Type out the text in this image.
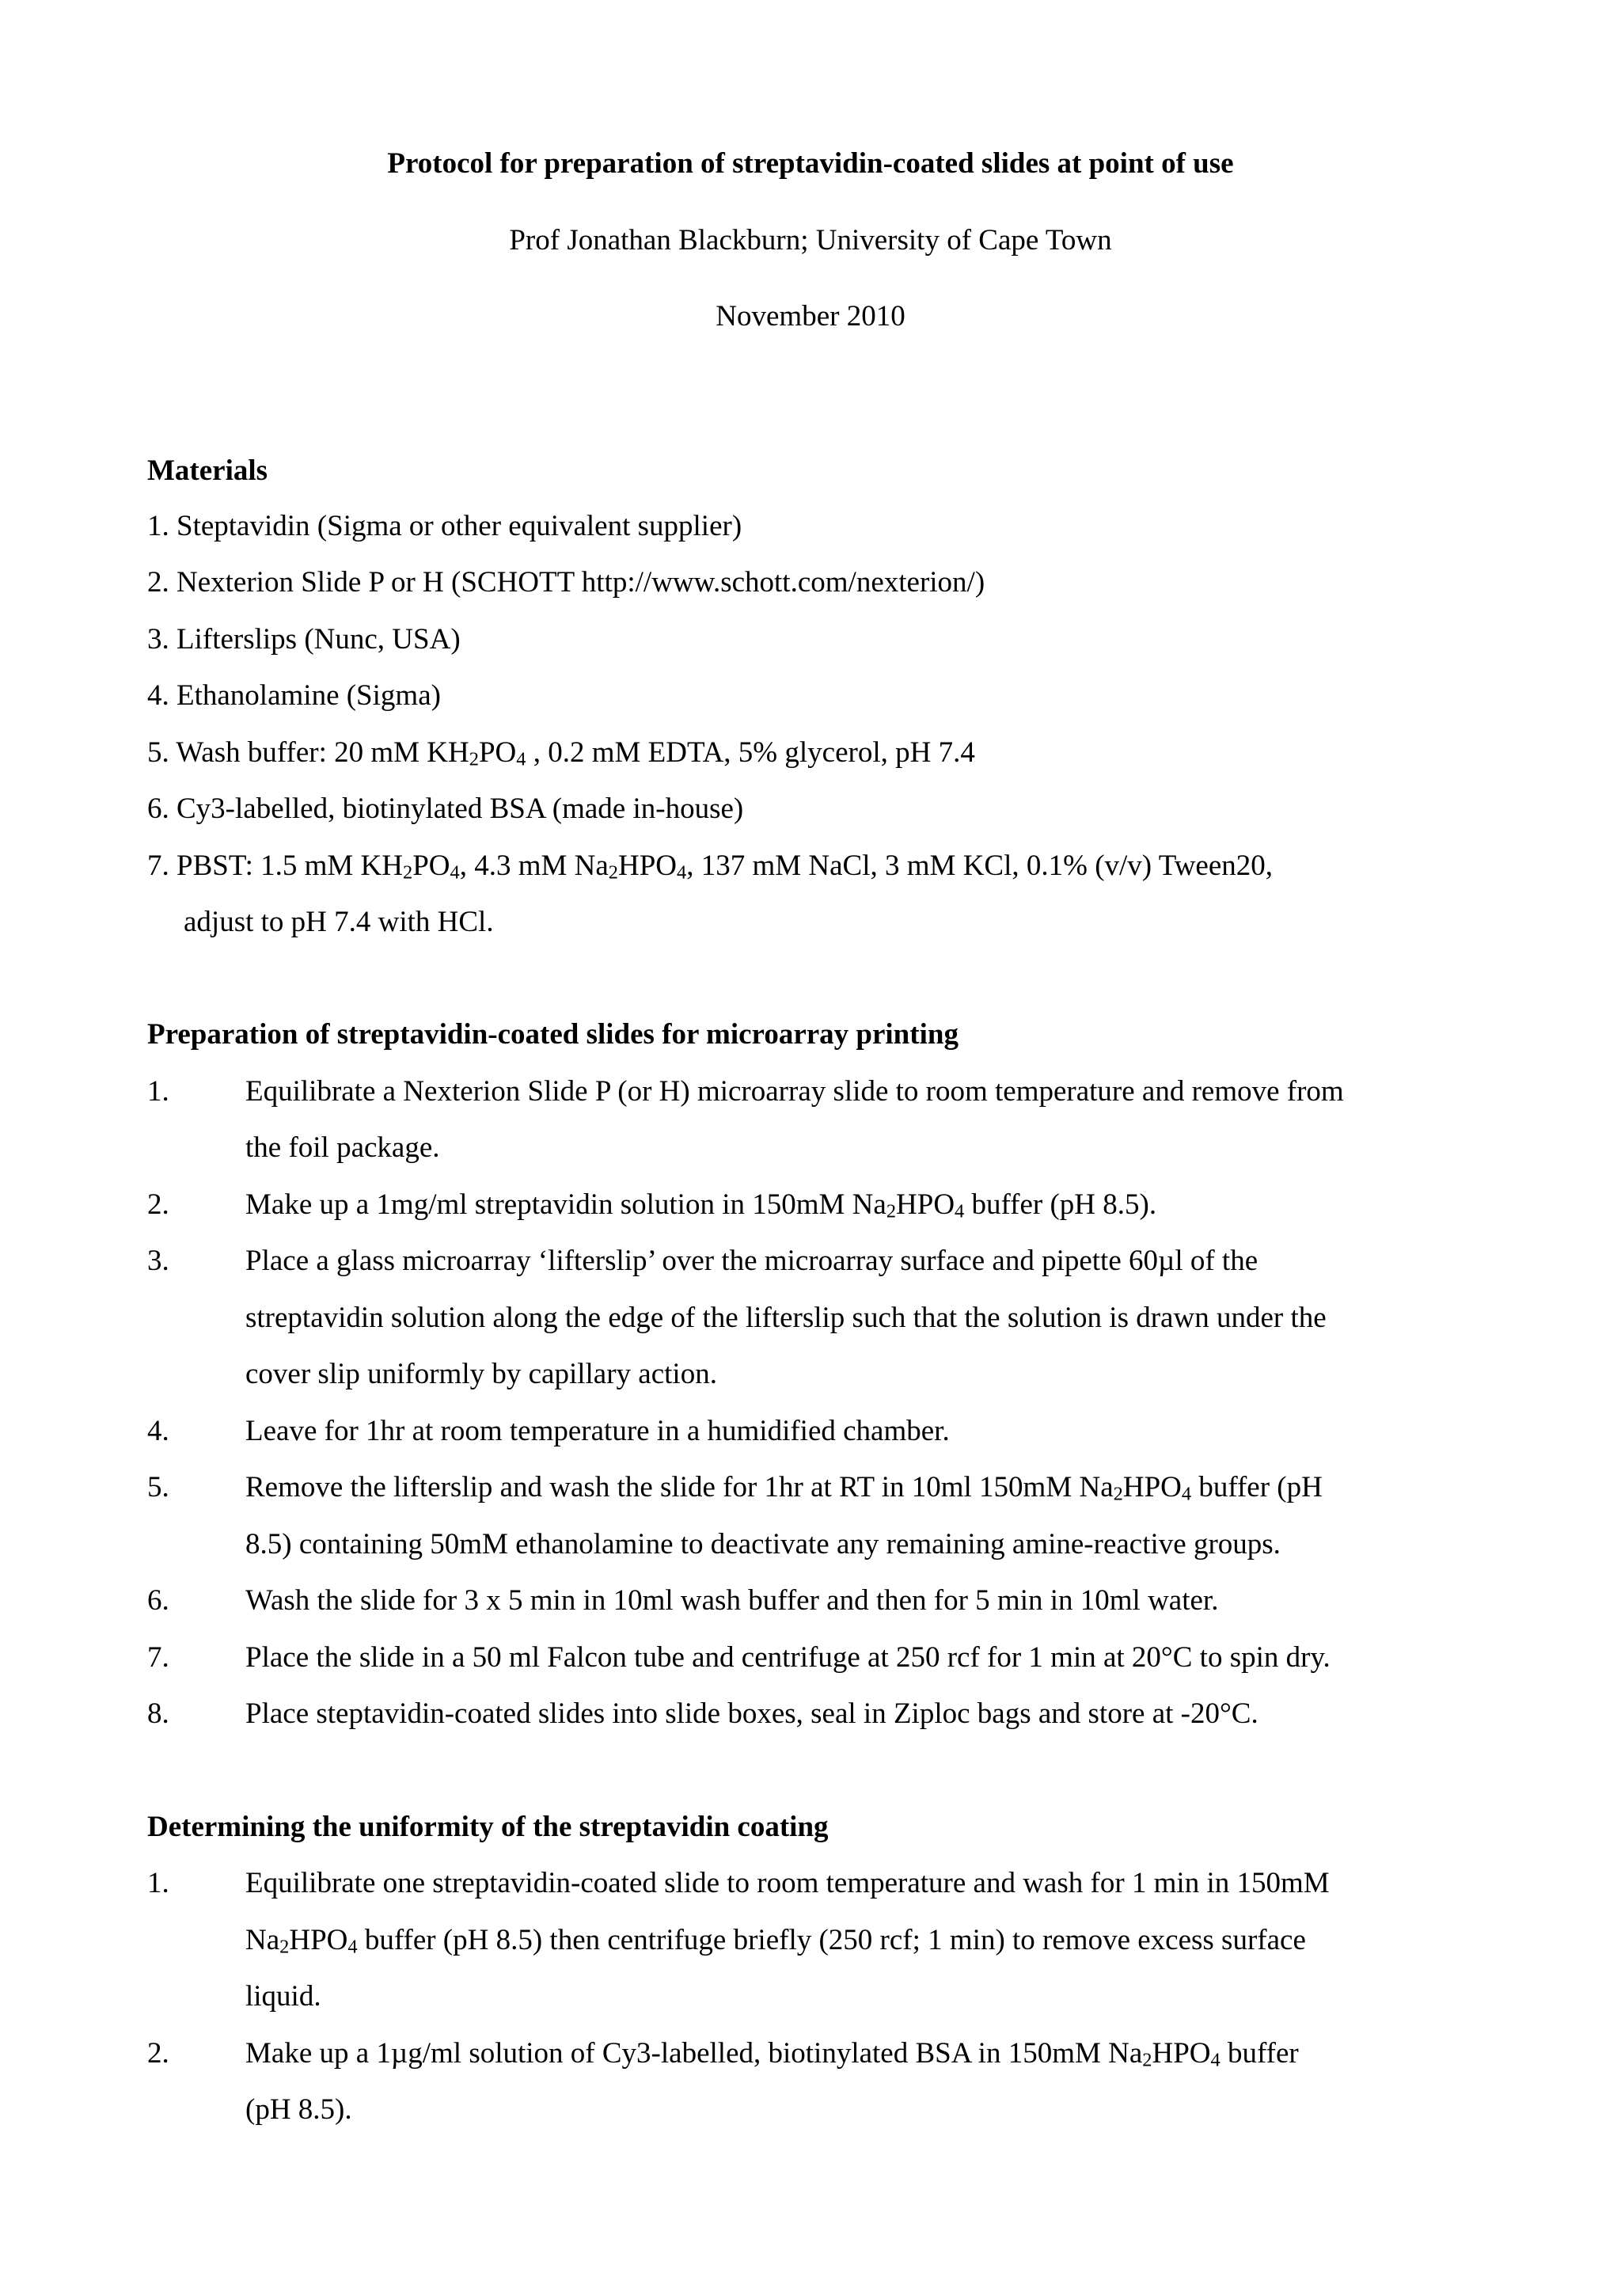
Protocol for preparation of streptavidin-coated slides at point of use
Prof Jonathan Blackburn; University of Cape Town
November 2010
Materials
1. Steptavidin (Sigma or other equivalent supplier)
2. Nexterion Slide P or H (SCHOTT http://www.schott.com/nexterion/)
3. Lifterslips (Nunc, USA)
4. Ethanolamine (Sigma)
5. Wash buffer: 20 mM $KH_2PO_4$ , 0.2 mM EDTA, 5% glycerol, pH 7.4
6. Cy3-labelled, biotinylated BSA (made in-house)
7. PBST: 1.5 mM $KH_2PO_4$, 4.3 mM $Na_2HPO_4$, 137 mM NaCl, 3 mM KCl, 0.1% (v/v) Tween20,
adjust to pH 7.4 with HCl.
Preparation of streptavidin-coated slides for microarray printing
1.	Equilibrate a Nexterion Slide P (or H) microarray slide to room temperature and remove from
the foil package.
2.	Make up a 1mg/ml streptavidin solution in 150mM $Na_2HPO_4$ buffer (pH 8.5).
3.	Place a glass microarray ‘lifterslip’ over the microarray surface and pipette 60µl of the
streptavidin solution along the edge of the lifterslip such that the solution is drawn under the
cover slip uniformly by capillary action.
4.	Leave for 1hr at room temperature in a humidified chamber.
5.	Remove the lifterslip and wash the slide for 1hr at RT in 10ml 150mM $Na_2HPO_4$ buffer (pH
8.5) containing 50mM ethanolamine to deactivate any remaining amine-reactive groups.
6.	Wash the slide for 3 x 5 min in 10ml wash buffer and then for 5 min in 10ml water.
7.	Place the slide in a 50 ml Falcon tube and centrifuge at 250 rcf for 1 min at 20°C to spin dry.
8.	Place steptavidin-coated slides into slide boxes, seal in Ziploc bags and store at -20°C.
Determining the uniformity of the streptavidin coating
1.	Equilibrate one streptavidin-coated slide to room temperature and wash for 1 min in 150mM
$Na_2HPO_4$ buffer (pH 8.5) then centrifuge briefly (250 rcf; 1 min) to remove excess surface
liquid.
2.	Make up a 1µg/ml solution of Cy3-labelled, biotinylated BSA in 150mM $Na_2HPO_4$ buffer
(pH 8.5).
